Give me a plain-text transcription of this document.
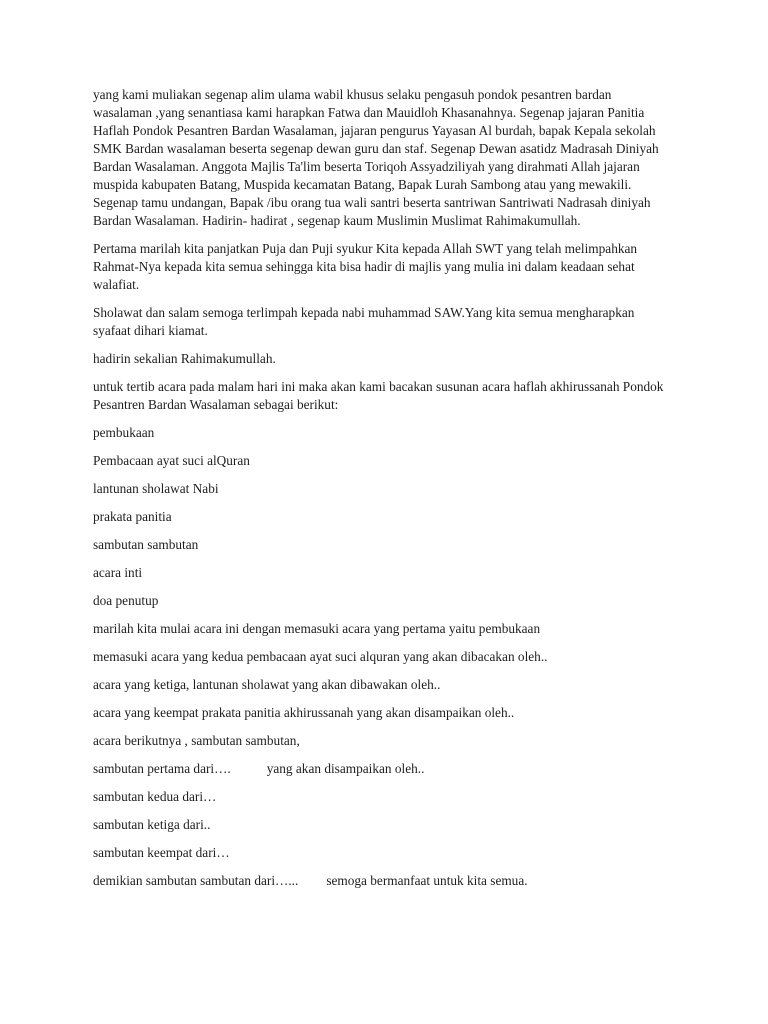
yang kami muliakan segenap alim ulama wabil khusus selaku pengasuh pondok pesantren bardan wasalaman ,yang senantiasa kami harapkan Fatwa dan Mauidloh Khasanahnya. Segenap jajaran Panitia Haflah Pondok Pesantren Bardan Wasalaman, jajaran pengurus Yayasan Al burdah, bapak Kepala sekolah SMK Bardan wasalaman beserta segenap dewan guru dan staf. Segenap Dewan asatidz Madrasah Diniyah Bardan Wasalaman. Anggota Majlis Ta'lim beserta Toriqoh Assyadziliyah yang dirahmati Allah jajaran muspida kabupaten Batang, Muspida kecamatan Batang, Bapak Lurah Sambong atau yang mewakili. Segenap tamu undangan, Bapak /ibu orang tua wali santri beserta santriwan Santriwati Nadrasah diniyah Bardan Wasalaman. Hadirin- hadirat , segenap kaum Muslimin Muslimat Rahimakumullah.

Pertama marilah kita panjatkan Puja dan Puji syukur Kita kepada Allah SWT yang telah melimpahkan Rahmat-Nya kepada kita semua sehingga kita bisa hadir di majlis yang mulia ini dalam keadaan sehat walafiat.

Sholawat dan salam semoga terlimpah kepada nabi muhammad SAW.Yang kita semua mengharapkan syafaat dihari kiamat.

hadirin sekalian Rahimakumullah.

untuk tertib acara pada malam hari ini maka akan kami bacakan susunan acara haflah akhirussanah Pondok Pesantren Bardan Wasalaman sebagai berikut:

pembukaan
Pembacaan ayat suci alQuran
lantunan sholawat Nabi
prakata panitia
sambutan sambutan
acara inti
doa penutup
marilah kita mulai acara ini dengan memasuki acara yang pertama yaitu pembukaan
memasuki acara yang kedua pembacaan ayat suci alquran yang akan dibacakan oleh..
acara yang ketiga, lantunan sholawat yang akan dibawakan oleh..
acara yang keempat prakata panitia akhirussanah yang akan disampaikan oleh..
acara berikutnya , sambutan sambutan,
sambutan pertama dari….	yang akan disampaikan oleh..
sambutan kedua dari…
sambutan ketiga dari..
sambutan keempat dari…
demikian sambutan sambutan dari…... semoga bermanfaat untuk kita semua.
